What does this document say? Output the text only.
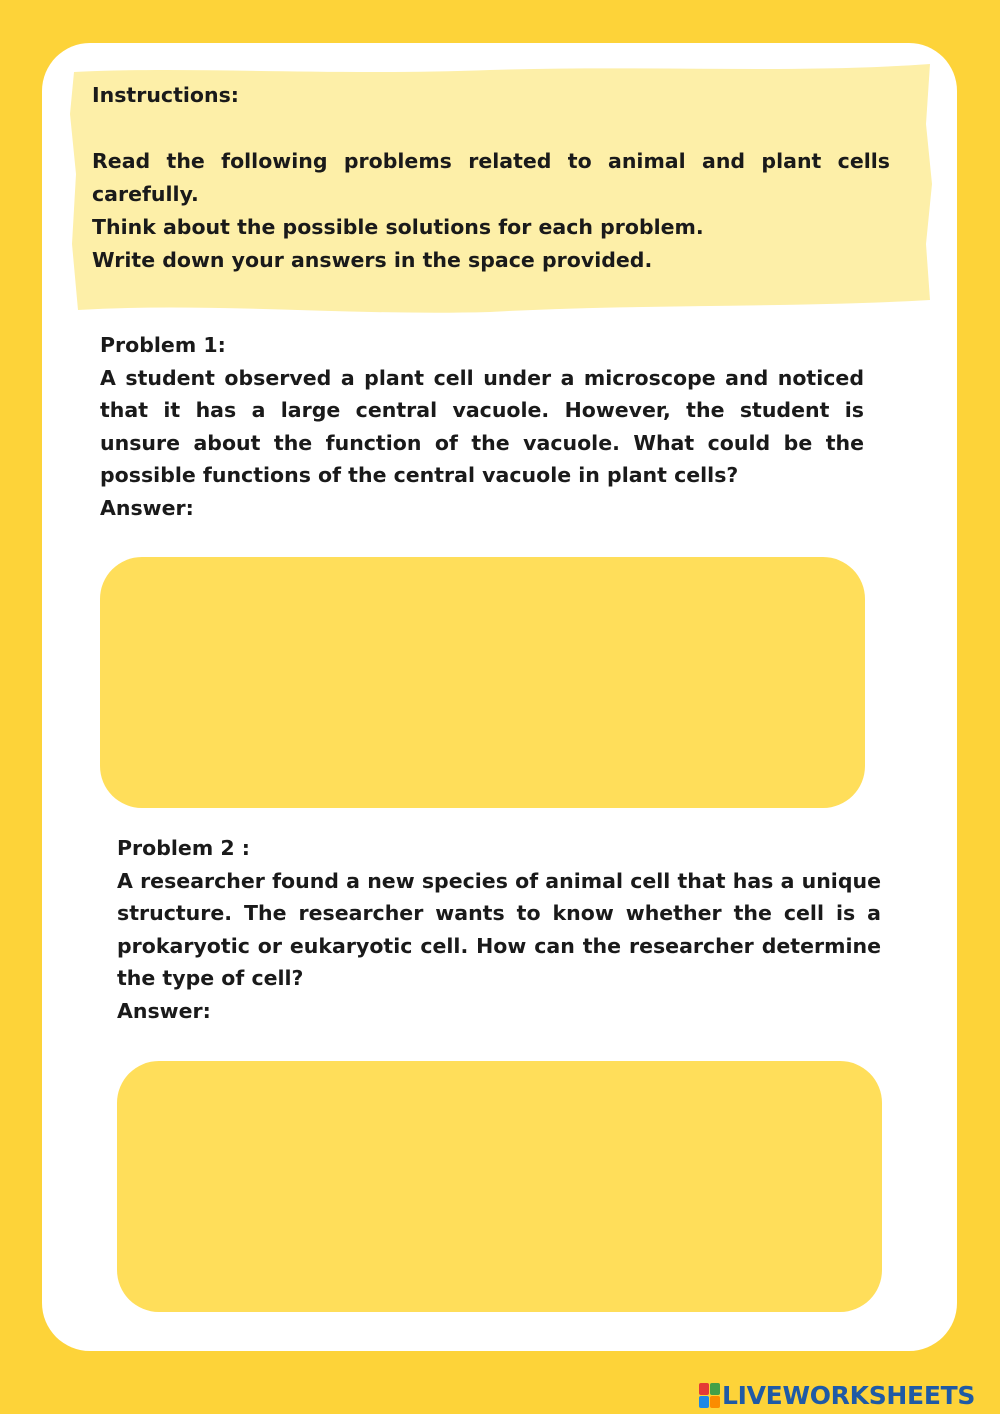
Instructions:

Read the following problems related to animal and plant cells carefully.

Think about the possible solutions for each problem.

Write down your answers in the space provided.

Problem 1:

A student observed a plant cell under a microscope and noticed that it has a large central vacuole. However, the student is unsure about the function of the vacuole. What could be the possible functions of the central vacuole in plant cells?

Answer:

Problem 2 :

A researcher found a new species of animal cell that has a unique structure. The researcher wants to know whether the cell is a prokaryotic or eukaryotic cell. How can the researcher determine the type of cell?

Answer:

LIVEWORKSHEETS
